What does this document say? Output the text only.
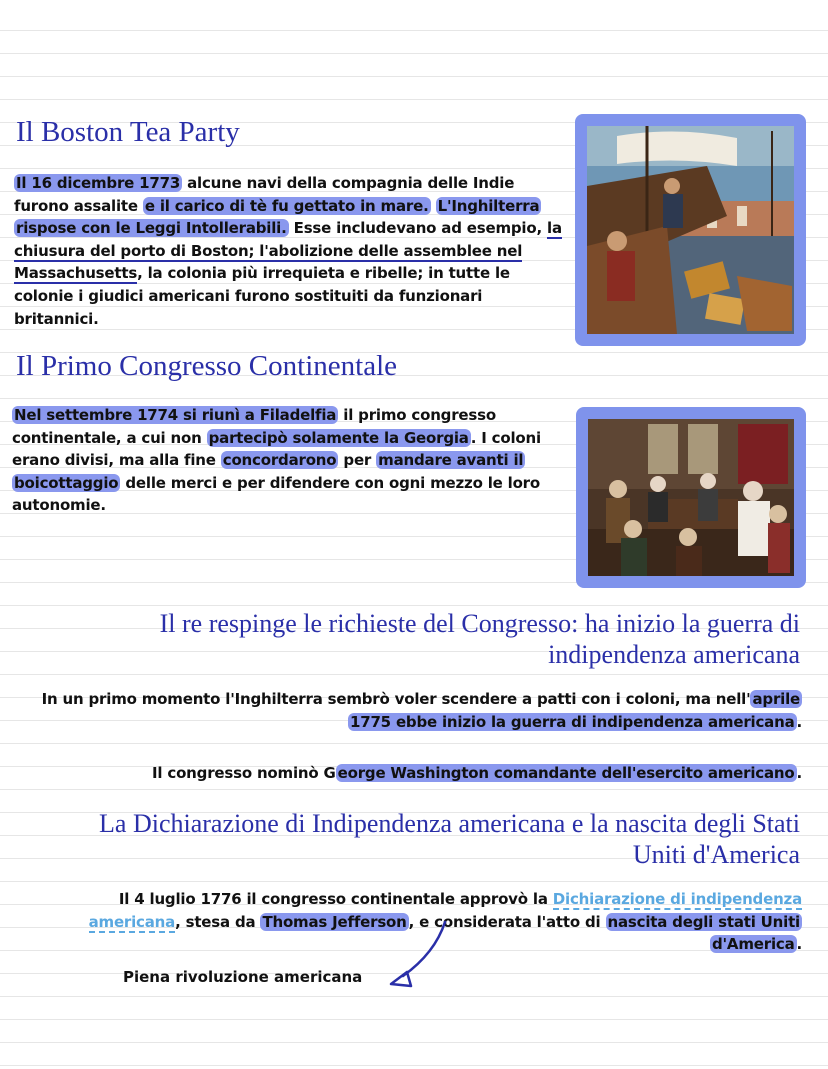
Il Boston Tea Party

Il 16 dicembre 1773 alcune navi della compagnia delle Indie furono assalite e il carico di tè fu gettato in mare. L'Inghilterra rispose con le Leggi Intollerabili. Esse includevano ad esempio, la chiusura del porto di Boston; l'abolizione delle assemblee nel Massachusetts, la colonia più irrequieta e ribelle; in tutte le colonie i giudici americani furono sostituiti da funzionari britannici.

Il Primo Congresso Continentale

Nel settembre 1774 si riunì a Filadelfia il primo congresso continentale, a cui non partecipò solamente la Georgia . I coloni erano divisi, ma alla fine concordarono per mandare avanti il boicottaggio delle merci e per difendere con ogni mezzo le loro autonomie.

Il re respinge le richieste del Congresso: ha inizio la guerra di indipendenza americana

In un primo momento l'Inghilterra sembrò voler scendere a patti con i coloni, ma nell' aprile 1775 ebbe inizio la guerra di indipendenza americana .

Il congresso nominò G eorge Washington comandante dell'esercito americano .

La Dichiarazione di Indipendenza americana e la nascita degli Stati Uniti d'America

Il 4 luglio 1776 il congresso continentale approvò la Dichiarazione di indipendenza americana, stesa da Thomas Jefferson , e considerata l'atto di nascita degli stati Uniti d'America .

Piena rivoluzione americana
